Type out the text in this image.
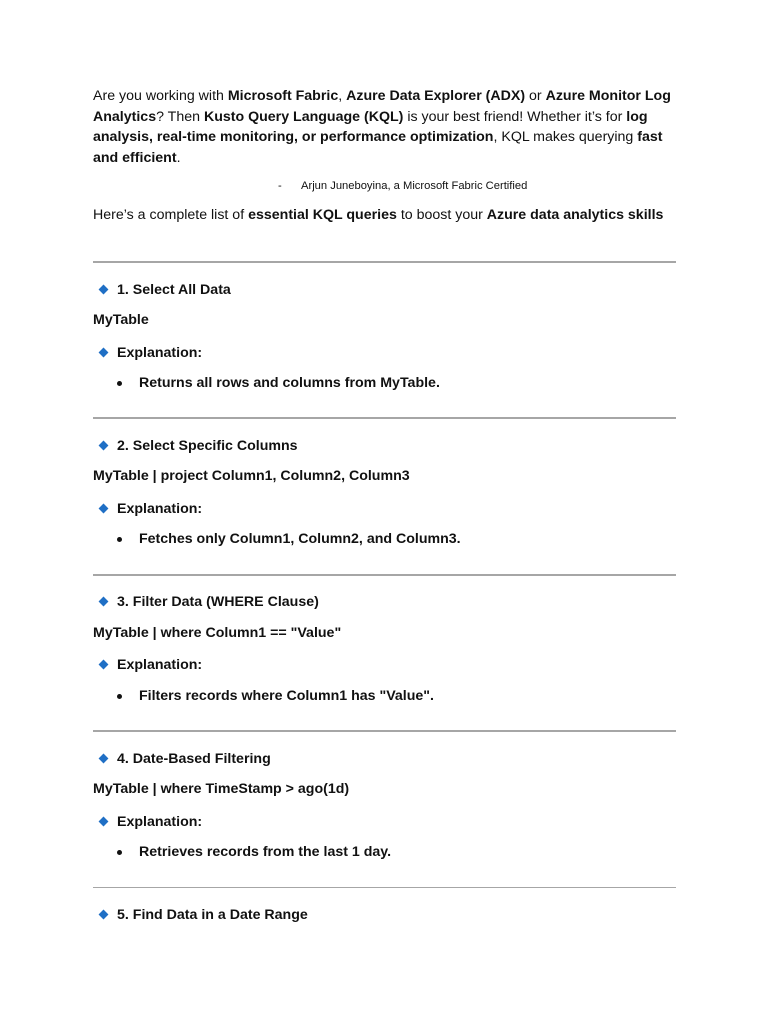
Are you working with Microsoft Fabric, Azure Data Explorer (ADX) or Azure Monitor Log Analytics? Then Kusto Query Language (KQL) is your best friend! Whether it’s for log analysis, real-time monitoring, or performance optimization, KQL makes querying fast and efficient.

- Arjun Juneboyina, a Microsoft Fabric Certified

Here’s a complete list of essential KQL queries to boost your Azure data analytics skills

1. Select All Data
MyTable
Explanation:
Returns all rows and columns from MyTable.
2. Select Specific Columns
MyTable | project Column1, Column2, Column3
Explanation:
Fetches only Column1, Column2, and Column3.
3. Filter Data (WHERE Clause)
MyTable | where Column1 == "Value"
Explanation:
Filters records where Column1 has "Value".
4. Date-Based Filtering
MyTable | where TimeStamp > ago(1d)
Explanation:
Retrieves records from the last 1 day.
5. Find Data in a Date Range
